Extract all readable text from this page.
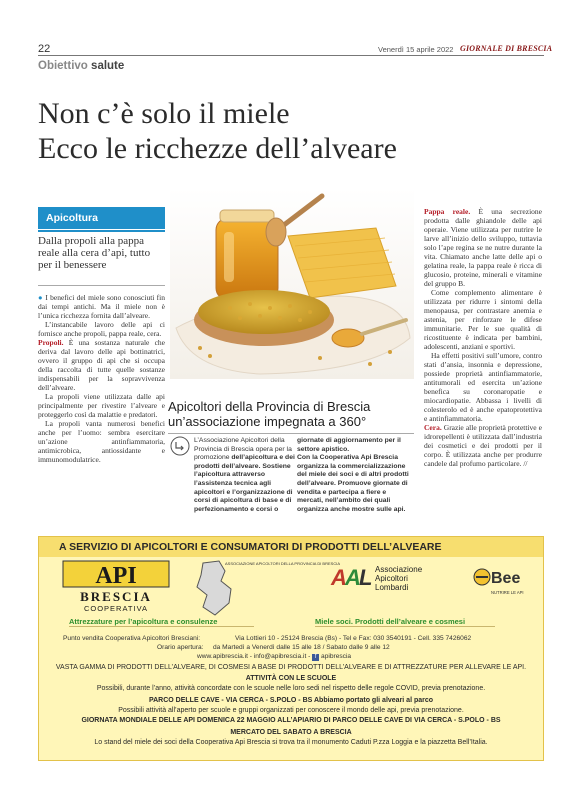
22	Venerdì 15 aprile 2022 GIORNALE DI BRESCIA
Obiettivo salute
Non c’è solo il miele
Ecco le ricchezze dell’alveare
Apicoltura
Dalla propoli alla pappa reale alla cera d’api, tutto per il benessere

● I benefici del miele sono conosciuti fin dai tempi antichi. Ma il miele non è l’unica ricchezza fornita dall’alveare.

L’instancabile lavoro delle api ci fornisce anche propoli, pappa reale, cera.

Propoli. È una sostanza naturale che deriva dal lavoro delle api bottinatrici, ovvero il gruppo di api che si occupa della raccolta di tutte quelle sostanze indispensabili per la sopravvivenza dell’alveare.

La propoli viene utilizzata dalle api principalmente per rivestire l’alveare e proteggerlo così da malattie e predatori.

La propoli vanta numerosi benefici anche per l’uomo: sembra esercitare un’azione antinfiammatoria, antimicrobica, antiossidante e immunomodulatrice.

Apicoltori della Provincia di Brescia un’associazione impegnata a 360°
L’Associazione Apicoltori della Provincia di Brescia opera per la promozione dell’apicoltura e dei prodotti dell’alveare. Sostiene l’apicoltura attraverso l’assistenza tecnica agli apicoltori e l’organizzazione di corsi di apicoltura di base e di perfezionamento e corsi o
giornate di aggiornamento per il settore apistico.
Con la Cooperativa Api Brescia organizza la commercializzazione del miele dei soci e di altri prodotti dell’alveare. Promuove giornate di vendita e partecipa a fiere e mercati, nell’ambito dei quali organizza anche mostre sulle api.

Pappa reale. È una secrezione prodotta dalle ghiandole delle api operaie. Viene utilizzata per nutrire le larve all’inizio dello sviluppo, tuttavia solo l’ape regina se ne nutre durante la vita. Chiamato anche latte delle api o gelatina reale, la pappa reale è ricca di glucosio, proteine, minerali e vitamine del gruppo B.

Come complemento alimentare è utilizzata per ridurre i sintomi della menopausa, per contrastare anemia e astenia, per rinforzare le difese immunitarie. Per le sue qualità di ricostituente è indicata per bambini, adolescenti, anziani e sportivi.

Ha effetti positivi sull’umore, contro stati d’ansia, insonnia e depressione, possiede proprietà antinfiammatorie, antitumorali ed esercita un’azione benefica su coronaropatie e miocardiopatie. Abbassa i livelli di colesterolo ed è anche epatoprotettiva e antinfiammatoria.

Cera. Grazie alle proprietà protettive e idrorepellenti è utilizzata dall’industria dei cosmetici e dei prodotti per il corpo. È utilizzata anche per produrre candele dal profumo particolare. //

A SERVIZIO DI APICOLTORI E CONSUMATORI DI PRODOTTI DELL’ALVEARE
API
BRESCIA
COOPERATIVA
ASSOCIAZIONE APICOLTORI DELLA PROVINCIA DI BRESCIA
A
A
L Associazione
Apicoltori
Lombardi
Bee
NUTRIRE LE API
Attrezzature per l’apicoltura e consulenze	Miele soci. Prodotti dell’alveare e cosmesi
Punto vendita Cooperativa Apicoltori Bresciani:	Via Lottieri 10 - 25124 Brescia (Bs) - Tel e Fax: 030 3540191 - Cell. 335 7426062
Orario apertura: da Martedì a Venerdì dalle 15 alle 18 / Sabato dalle 9 alle 12
www.apibrescia.it - info@apibrescia.it - f apibrescia
VASTA GAMMA DI PRODOTTI DELL’ALVEARE, DI COSMESI A BASE DI PRODOTTI DELL’ALVEARE E DI ATTREZZATURE PER ALLEVARE LE API.
ATTIVITÀ CON LE SCUOLE
Possibili, durante l’anno, attività concordate con le scuole nelle loro sedi nel rispetto delle regole COVID, previa prenotazione.
PARCO DELLE CAVE - VIA CERCA - S.POLO - BS Abbiamo portato gli alveari al parco
Possibili attività all’aperto per scuole e gruppi organizzati per conoscere il mondo delle api, previa prenotazione.
GIORNATA MONDIALE DELLE API DOMENICA 22 MAGGIO ALL’APIARIO DI PARCO DELLE CAVE DI VIA CERCA - S.POLO - BS
MERCATO DEL SABATO A BRESCIA
Lo stand del miele dei soci della Cooperativa Api Brescia si trova tra il monumento Caduti P.zza Loggia e la piazzetta Bell’Italia.
